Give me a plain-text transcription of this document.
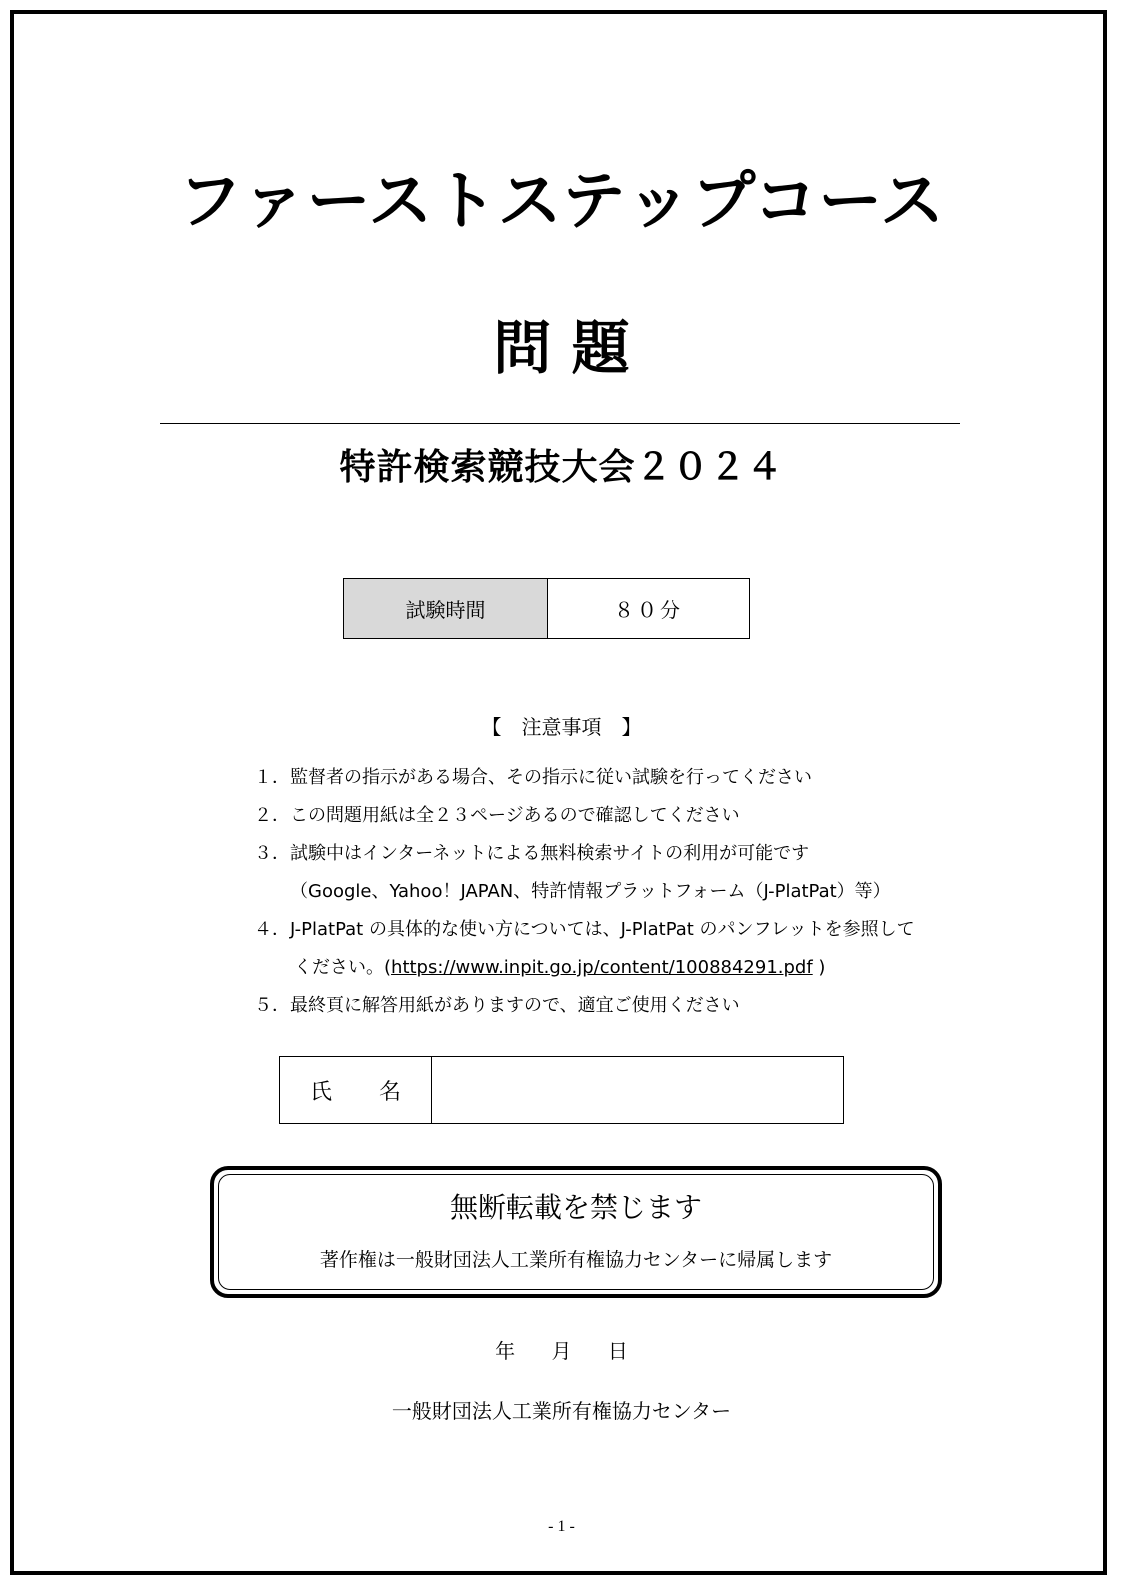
ファーストステップコース
問 題
特許検索競技大会２０２４
試験時間	８０分
【　注意事項　】
１．監督者の指示がある場合、その指示に従い試験を行ってください
２．この問題用紙は全２３ページあるので確認してください
３．試験中はインターネットによる無料検索サイトの利用が可能です
（Google、Yahoo！JAPAN、特許情報プラットフォーム（J-PlatPat）等）
４．J-PlatPat の具体的な使い方については、J-PlatPat のパンフレットを参照して
ください。(https://www.inpit.go.jp/content/100884291.pdf )
５．最終頁に解答用紙がありますので、適宜ご使用ください
氏 名
無断転載を禁じます
著作権は一般財団法人工業所有権協力センターに帰属します
年 月 日
一般財団法人工業所有権協力センター
- 1 -
